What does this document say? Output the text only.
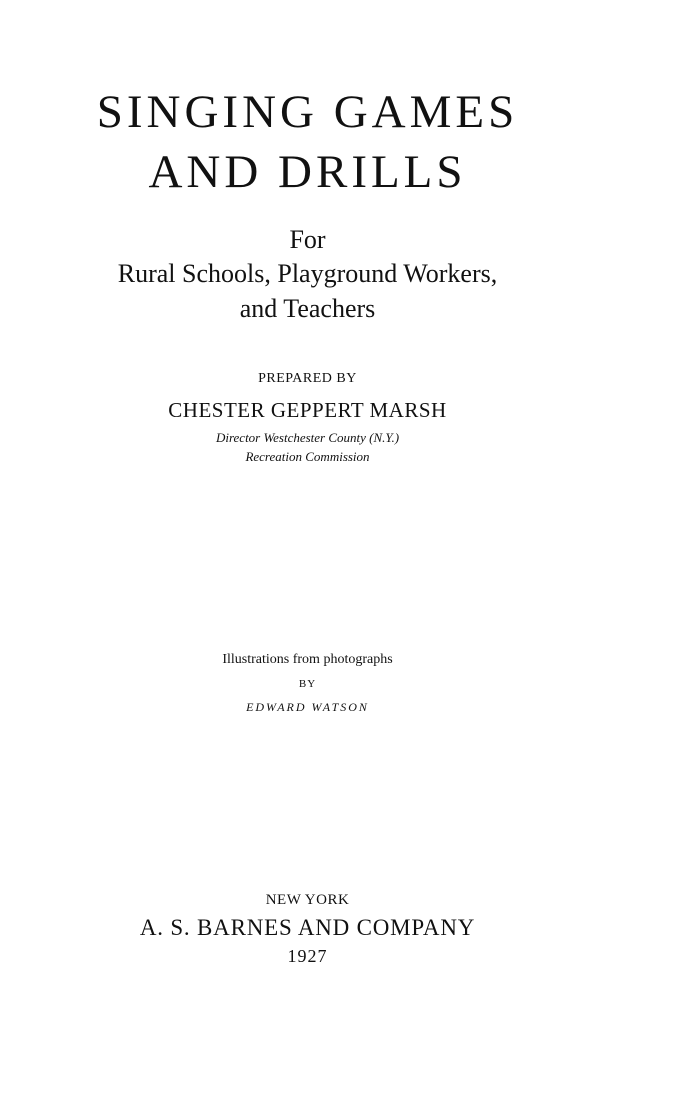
SINGING GAMES
AND DRILLS
For
Rural Schools, Playground Workers,
and Teachers
PREPARED BY
CHESTER GEPPERT MARSH
Director Westchester County (N.Y.)
Recreation Commission
Illustrations from photographs
BY
EDWARD WATSON
NEW YORK
A. S. BARNES AND COMPANY
1927
